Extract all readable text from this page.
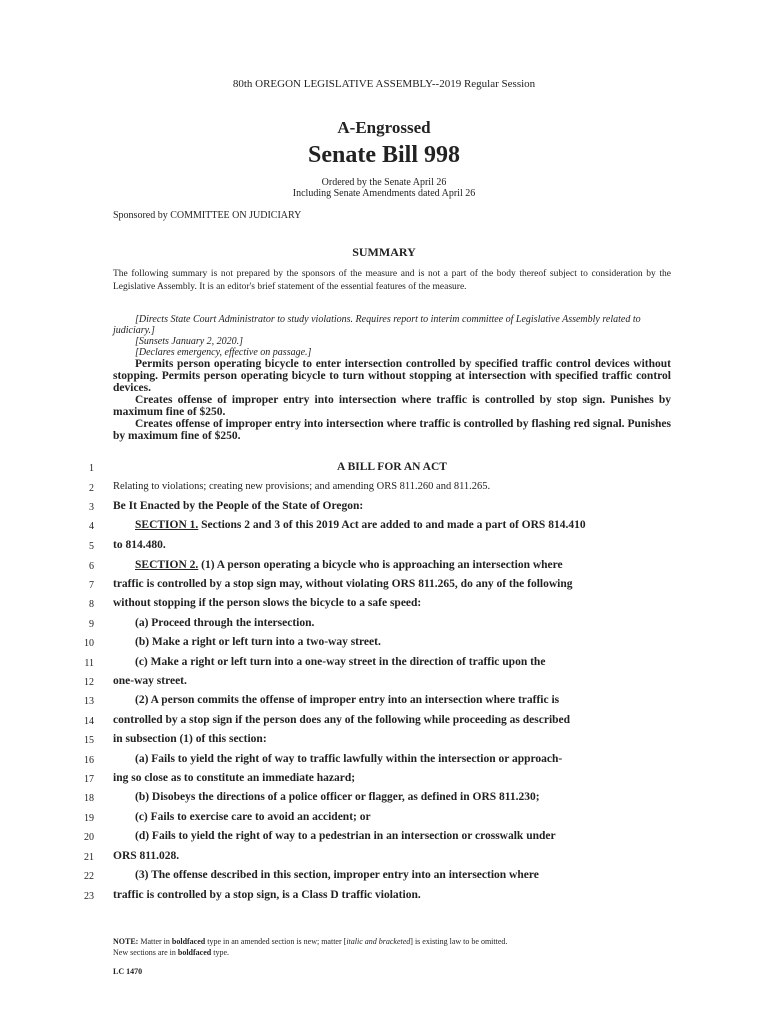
80th OREGON LEGISLATIVE ASSEMBLY--2019 Regular Session
A-Engrossed
Senate Bill 998
Ordered by the Senate April 26
Including Senate Amendments dated April 26
Sponsored by COMMITTEE ON JUDICIARY
SUMMARY
The following summary is not prepared by the sponsors of the measure and is not a part of the body thereof subject to consideration by the Legislative Assembly. It is an editor's brief statement of the essential features of the measure.

[Directs State Court Administrator to study violations. Requires report to interim committee of Legislative Assembly related to judiciary.]

[Sunsets January 2, 2020.]

[Declares emergency, effective on passage.]

Permits person operating bicycle to enter intersection controlled by specified traffic control devices without stopping. Permits person operating bicycle to turn without stopping at intersection with specified traffic control devices.

Creates offense of improper entry into intersection where traffic is controlled by stop sign. Punishes by maximum fine of $250.

Creates offense of improper entry into intersection where traffic is controlled by flashing red signal. Punishes by maximum fine of $250.

1	A BILL FOR AN ACT
2 Relating to violations; creating new provisions; and amending ORS 811.260 and 811.265.
3 Be It Enacted by the People of the State of Oregon:
4	SECTION 1. Sections 2 and 3 of this 2019 Act are added to and made a part of ORS 814.410
5 to 814.480.
6	SECTION 2. (1) A person operating a bicycle who is approaching an intersection where
7 traffic is controlled by a stop sign may, without violating ORS 811.265, do any of the following
8 without stopping if the person slows the bicycle to a safe speed:
9	(a) Proceed through the intersection.
10	(b) Make a right or left turn into a two-way street.
11	(c) Make a right or left turn into a one-way street in the direction of traffic upon the
12 one-way street.
13	(2) A person commits the offense of improper entry into an intersection where traffic is
14 controlled by a stop sign if the person does any of the following while proceeding as described
15 in subsection (1) of this section:
16	(a) Fails to yield the right of way to traffic lawfully within the intersection or approach-
17 ing so close as to constitute an immediate hazard;
18	(b) Disobeys the directions of a police officer or flagger, as defined in ORS 811.230;
19	(c) Fails to exercise care to avoid an accident; or
20	(d) Fails to yield the right of way to a pedestrian in an intersection or crosswalk under
21 ORS 811.028.
22	(3) The offense described in this section, improper entry into an intersection where
23 traffic is controlled by a stop sign, is a Class D traffic violation.
NOTE: Matter in boldfaced type in an amended section is new; matter [italic and bracketed] is existing law to be omitted.
New sections are in boldfaced type.
LC 1470
